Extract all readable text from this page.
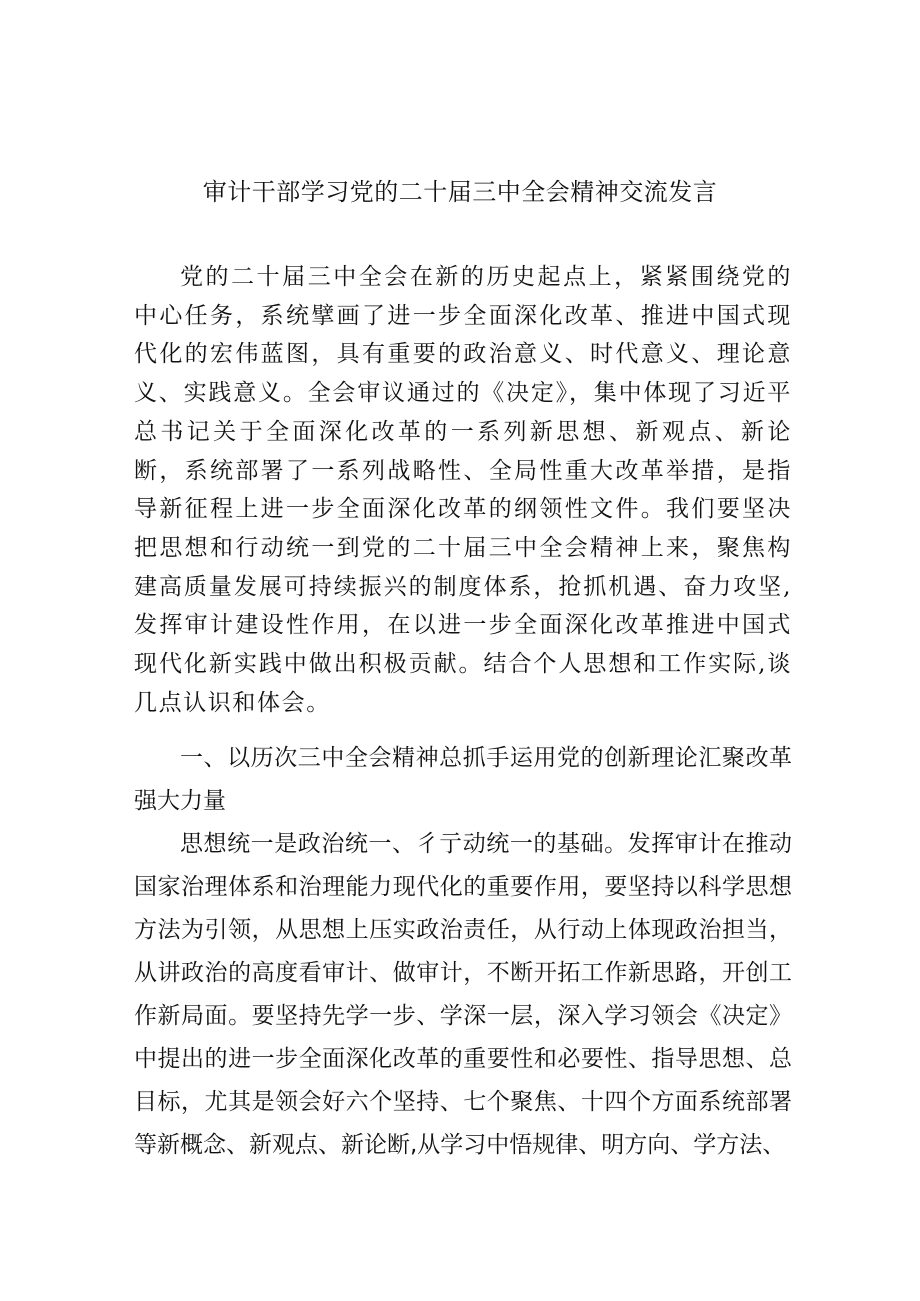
审计干部学习党的二十届三中全会精神交流发言

党的二十届三中全会在新的历史起点上，紧紧围绕党的中心任务，系统擘画了进一步全面深化改革、推进中国式现代化的宏伟蓝图，具有重要的政治意义、时代意义、理论意义、实践意义。全会审议通过的《决定》，集中体现了习近平总书记关于全面深化改革的一系列新思想、新观点、新论断，系统部署了一系列战略性、全局性重大改革举措，是指导新征程上进一步全面深化改革的纲领性文件。我们要坚决把思想和行动统一到党的二十届三中全会精神上来，聚焦构建高质量发展可持续振兴的制度体系，抢抓机遇、奋力攻坚,发挥审计建设性作用，在以进一步全面深化改革推进中国式现代化新实践中做出积极贡献。结合个人思想和工作实际,谈几点认识和体会。

一、以历次三中全会精神总抓手运用党的创新理论汇聚改革强大力量

思想统一是政治统一、彳亍动统一的基础。发挥审计在推动国家治理体系和治理能力现代化的重要作用，要坚持以科学思想方法为引领，从思想上压实政治责任，从行动上体现政治担当，从讲政治的高度看审计、做审计，不断开拓工作新思路，开创工作新局面。要坚持先学一步、学深一层，深入学习领会《决定》中提出的进一步全面深化改革的重要性和必要性、指导思想、总目标，尤其是领会好六个坚持、七个聚焦、十四个方面系统部署等新概念、新观点、新论断,从学习中悟规律、明方向、学方法、
